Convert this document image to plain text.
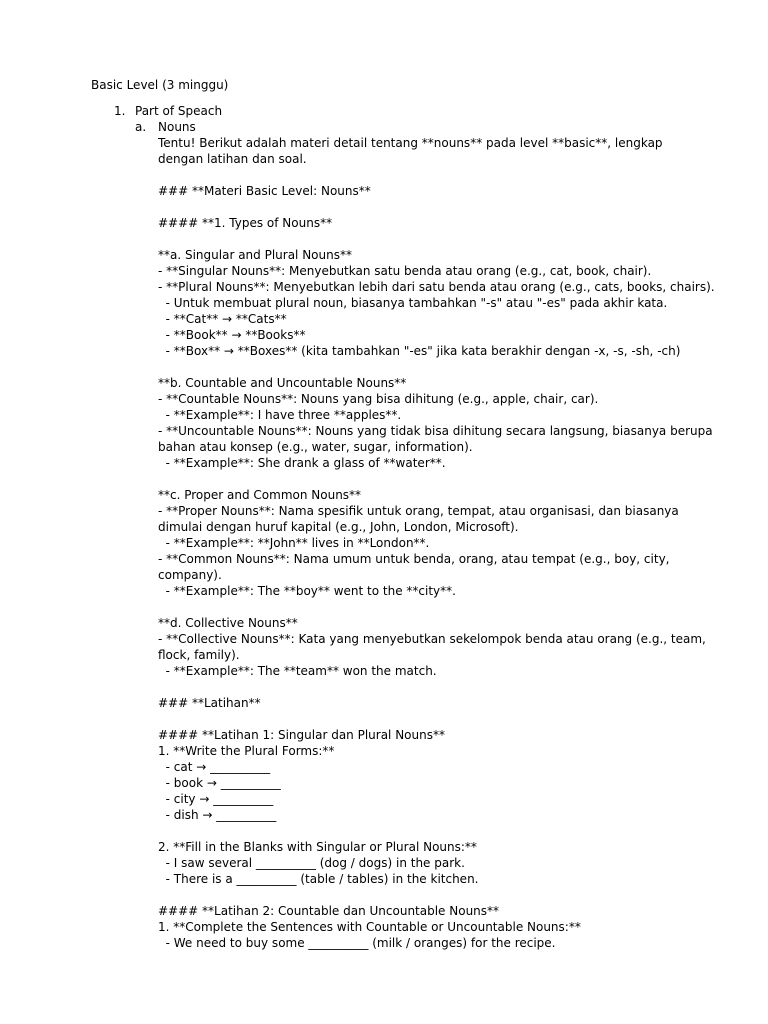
Basic Level (3 minggu)
1. Part of Speach
a. Nouns
Tentu! Berikut adalah materi detail tentang **nouns** pada level **basic**, lengkap
dengan latihan dan soal.
### **Materi Basic Level: Nouns**
#### **1. Types of Nouns**
**a. Singular and Plural Nouns**
- **Singular Nouns**: Menyebutkan satu benda atau orang (e.g., cat, book, chair).
- **Plural Nouns**: Menyebutkan lebih dari satu benda atau orang (e.g., cats, books, chairs).
- Untuk membuat plural noun, biasanya tambahkan "-s" atau "-es" pada akhir kata.
- **Cat** → **Cats**
- **Book** → **Books**
- **Box** → **Boxes** (kita tambahkan "-es" jika kata berakhir dengan -x, -s, -sh, -ch)
**b. Countable and Uncountable Nouns**
- **Countable Nouns**: Nouns yang bisa dihitung (e.g., apple, chair, car).
- **Example**: I have three **apples**.
- **Uncountable Nouns**: Nouns yang tidak bisa dihitung secara langsung, biasanya berupa
bahan atau konsep (e.g., water, sugar, information).
- **Example**: She drank a glass of **water**.
**c. Proper and Common Nouns**
- **Proper Nouns**: Nama spesifik untuk orang, tempat, atau organisasi, dan biasanya
dimulai dengan huruf kapital (e.g., John, London, Microsoft).
- **Example**: **John** lives in **London**.
- **Common Nouns**: Nama umum untuk benda, orang, atau tempat (e.g., boy, city,
company).
- **Example**: The **boy** went to the **city**.
**d. Collective Nouns**
- **Collective Nouns**: Kata yang menyebutkan sekelompok benda atau orang (e.g., team,
flock, family).
- **Example**: The **team** won the match.
### **Latihan**
#### **Latihan 1: Singular dan Plural Nouns**
1. **Write the Plural Forms:**
- cat → __________
- book → __________
- city → __________
- dish → __________
2. **Fill in the Blanks with Singular or Plural Nouns:**
- I saw several __________ (dog / dogs) in the park.
- There is a __________ (table / tables) in the kitchen.
#### **Latihan 2: Countable dan Uncountable Nouns**
1. **Complete the Sentences with Countable or Uncountable Nouns:**
- We need to buy some __________ (milk / oranges) for the recipe.
